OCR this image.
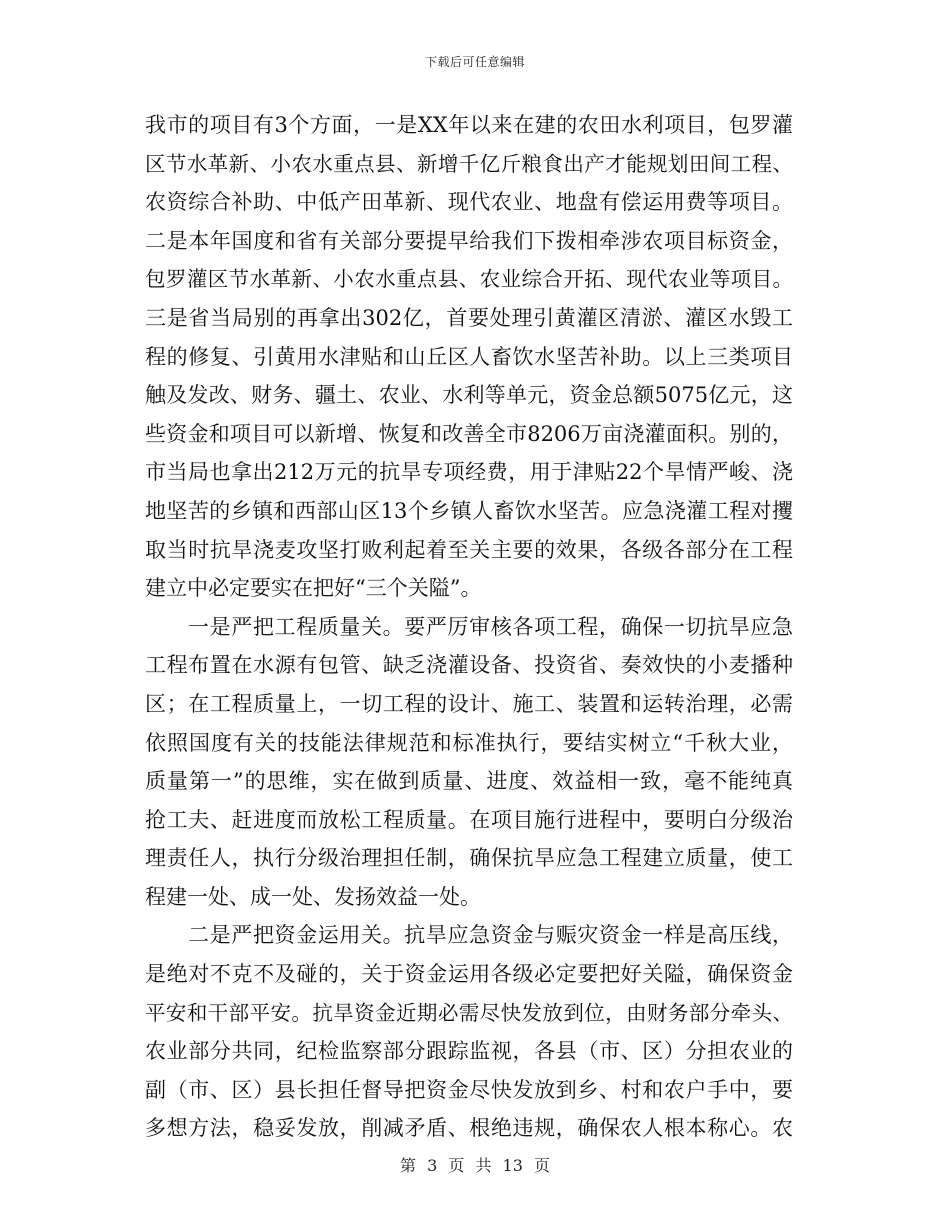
下载后可任意编辑
我市的项目有3个方面，一是XX年以来在建的农田水利项目，包罗灌
区节水革新、小农水重点县、新增千亿斤粮食出产才能规划田间工程、
农资综合补助、中低产田革新、现代农业、地盘有偿运用费等项目。
二是本年国度和省有关部分要提早给我们下拨相牵涉农项目标资金，
包罗灌区节水革新、小农水重点县、农业综合开拓、现代农业等项目。
三是省当局别的再拿出302亿，首要处理引黄灌区清淤、灌区水毁工
程的修复、引黄用水津贴和山丘区人畜饮水坚苦补助。以上三类项目
触及发改、财务、疆土、农业、水利等单元，资金总额5075亿元，这
些资金和项目可以新增、恢复和改善全市8206万亩浇灌面积。别的，
市当局也拿出212万元的抗旱专项经费，用于津贴22个旱情严峻、浇
地坚苦的乡镇和西部山区13个乡镇人畜饮水坚苦。应急浇灌工程对攫
取当时抗旱浇麦攻坚打败利起着至关主要的效果，各级各部分在工程
建立中必定要实在把好“三个关隘”。
一是严把工程质量关。要严厉审核各项工程，确保一切抗旱应急
工程布置在水源有包管、缺乏浇灌设备、投资省、奏效快的小麦播种
区；在工程质量上，一切工程的设计、施工、装置和运转治理，必需
依照国度有关的技能法律规范和标准执行，要结实树立“千秋大业，
质量第一”的思维，实在做到质量、进度、效益相一致，毫不能纯真
抢工夫、赶进度而放松工程质量。在项目施行进程中，要明白分级治
理责任人，执行分级治理担任制，确保抗旱应急工程建立质量，使工
程建一处、成一处、发扬效益一处。
二是严把资金运用关。抗旱应急资金与赈灾资金一样是高压线，
是绝对不克不及碰的，关于资金运用各级必定要把好关隘，确保资金
平安和干部平安。抗旱资金近期必需尽快发放到位，由财务部分牵头、
农业部分共同，纪检监察部分跟踪监视，各县（市、区）分担农业的
副（市、区）县长担任督导把资金尽快发放到乡、村和农户手中，要
多想方法，稳妥发放，削减矛盾、根绝违规，确保农人根本称心。农
第 3 页 共 13 页
